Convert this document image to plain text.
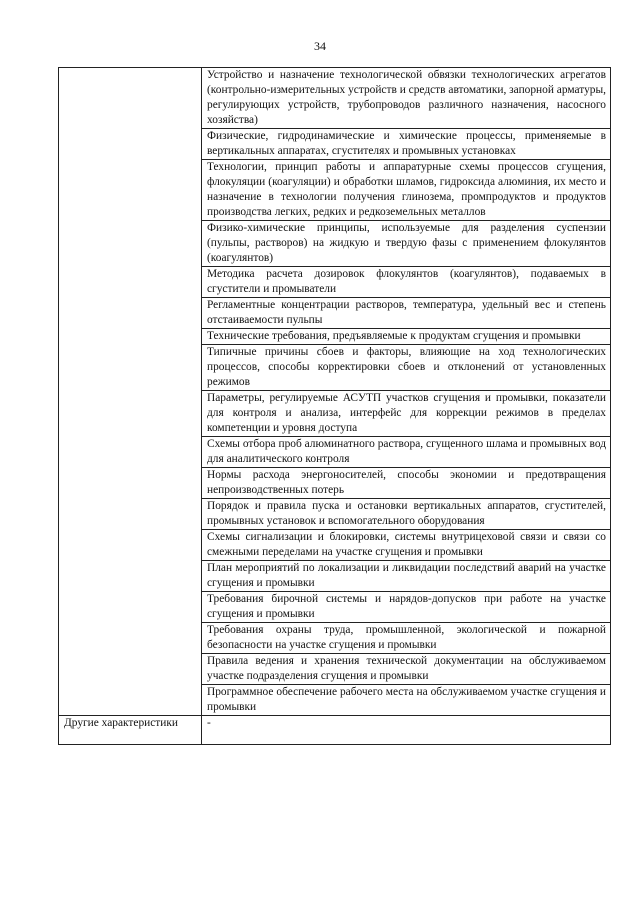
34
	Устройство и назначение технологической обвязки технологических агрегатов (контрольно-измерительных устройств и средств автоматики, запорной арматуры, регулирующих устройств, трубопроводов различного назначения, насосного хозяйства)
	Физические, гидродинамические и химические процессы, применяемые в вертикальных аппаратах, сгустителях и промывных установках
	Технологии, принцип работы и аппаратурные схемы процессов сгущения, флокуляции (коагуляции) и обработки шламов, гидроксида алюминия, их место и назначение в технологии получения глинозема, промпродуктов и продуктов производства легких, редких и редкоземельных металлов
	Физико-химические принципы, используемые для разделения суспензии (пульпы, растворов) на жидкую и твердую фазы с применением флокулянтов (коагулянтов)
	Методика расчета дозировок флокулянтов (коагулянтов), подаваемых в сгустители и промыватели
	Регламентные концентрации растворов, температура, удельный вес и степень отстаиваемости пульпы
	Технические требования, предъявляемые к продуктам сгущения и промывки
	Типичные причины сбоев и факторы, влияющие на ход технологических процессов, способы корректировки сбоев и отклонений от установленных режимов
	Параметры, регулируемые АСУТП участков сгущения и промывки, показатели для контроля и анализа, интерфейс для коррекции режимов в пределах компетенции и уровня доступа
	Схемы отбора проб алюминатного раствора, сгущенного шлама и промывных вод для аналитического контроля
	Нормы расхода энергоносителей, способы экономии и предотвращения непроизводственных потерь
	Порядок и правила пуска и остановки вертикальных аппаратов, сгустителей, промывных установок и вспомогательного оборудования
	Схемы сигнализации и блокировки, системы внутрицеховой связи и связи со смежными переделами на участке сгущения и промывки
	План мероприятий по локализации и ликвидации последствий аварий на участке сгущения и промывки
	Требования бирочной системы и нарядов-допусков при работе на участке сгущения и промывки
	Требования охраны труда, промышленной, экологической и пожарной безопасности на участке сгущения и промывки
	Правила ведения и хранения технической документации на обслуживаемом участке подразделения сгущения и промывки
	Программное обеспечение рабочего места на обслуживаемом участке сгущения и промывки
Другие характеристики	-
